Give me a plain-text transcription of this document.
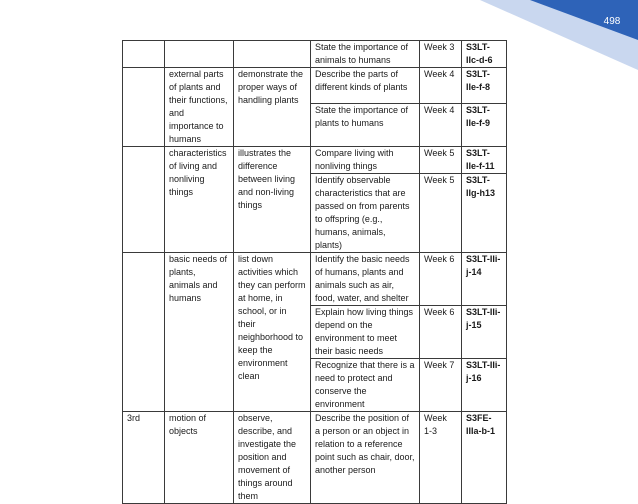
498
			State the importance of animals to humans	Week 3	S3LT-IIc-d-6
	external parts of plants and their functions, and importance to humans	demonstrate the proper ways of handling plants	Describe the parts of different kinds of plants	Week 4	S3LT-IIe-f-8
			State the importance of plants to humans	Week 4	S3LT-IIe-f-9
	characteristics of living and nonliving things	illustrates the difference between living and non-living things	Compare living with nonliving things	Week 5	S3LT-IIe-f-11
			Identify observable characteristics that are passed on from parents to offspring (e.g., humans, animals, plants)	Week 5	S3LT-IIg-h13
	basic needs of plants, animals and humans	list down activities which they can perform at home, in school, or in their neighborhood to keep the environment clean	Identify the basic needs of humans, plants and animals such as air, food, water, and shelter	Week 6	S3LT-IIi-j-14
			Explain how living things depend on the environment to meet their basic needs	Week 6	S3LT-IIi-j-15
			Recognize that there is a need to protect and conserve the environment	Week 7	S3LT-IIi-j-16
3rd	motion of objects	observe, describe, and investigate the position and movement of things around them	Describe the position of a person or an object in relation to a reference point such as chair, door, another person	Week 1-3	S3FE-IIIa-b-1
